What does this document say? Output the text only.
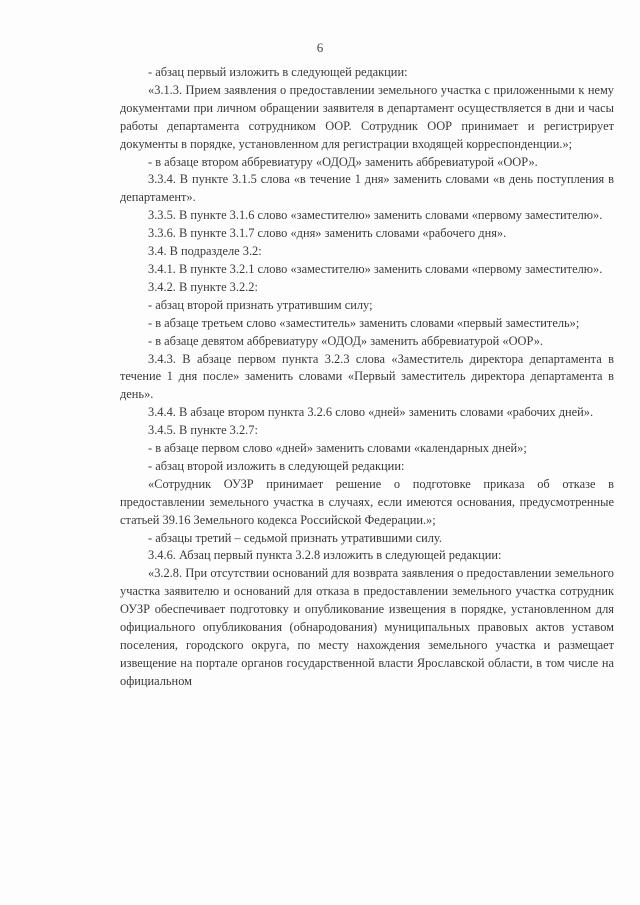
6

- абзац первый изложить в следующей редакции:

«3.1.3. Прием заявления о предоставлении земельного участка с приложенными к нему документами при личном обращении заявителя в департамент осуществляется в дни и часы работы департамента сотрудником ООР. Сотрудник ООР принимает и регистрирует документы в порядке, установленном для регистрации входящей корреспонденции.»;

- в абзаце втором аббревиатуру «ОДОД» заменить аббревиатурой «ООР».

3.3.4. В пункте 3.1.5 слова «в течение 1 дня» заменить словами «в день поступления в департамент».

3.3.5. В пункте 3.1.6 слово «заместителю» заменить словами «первому заместителю».

3.3.6. В пункте 3.1.7 слово «дня» заменить словами «рабочего дня».

3.4. В подразделе 3.2:

3.4.1. В пункте 3.2.1 слово «заместителю» заменить словами «первому заместителю».

3.4.2. В пункте 3.2.2:

- абзац второй признать утратившим силу;

- в абзаце третьем слово «заместитель» заменить словами «первый заместитель»;

- в абзаце девятом аббревиатуру «ОДОД» заменить аббревиатурой «ООР».

3.4.3. В абзаце первом пункта 3.2.3 слова «Заместитель директора департамента в течение 1 дня после» заменить словами «Первый заместитель директора департамента в день».

3.4.4. В абзаце втором пункта 3.2.6 слово «дней» заменить словами «рабочих дней».

3.4.5. В пункте 3.2.7:

- в абзаце первом слово «дней» заменить словами «календарных дней»;

- абзац второй изложить в следующей редакции:

«Сотрудник ОУЗР принимает решение о подготовке приказа об отказе в предоставлении земельного участка в случаях, если имеются основания, предусмотренные статьей 39.16 Земельного кодекса Российской Федерации.»;

- абзацы третий – седьмой признать утратившими силу.

3.4.6. Абзац первый пункта 3.2.8 изложить в следующей редакции:

«3.2.8. При отсутствии оснований для возврата заявления о предоставлении земельного участка заявителю и оснований для отказа в предоставлении земельного участка сотрудник ОУЗР обеспечивает подготовку и опубликование извещения в порядке, установленном для официального опубликования (обнародования) муниципальных правовых актов уставом поселения, городского округа, по месту нахождения земельного участка и размещает извещение на портале органов государственной власти Ярославской области, в том числе на официальном
